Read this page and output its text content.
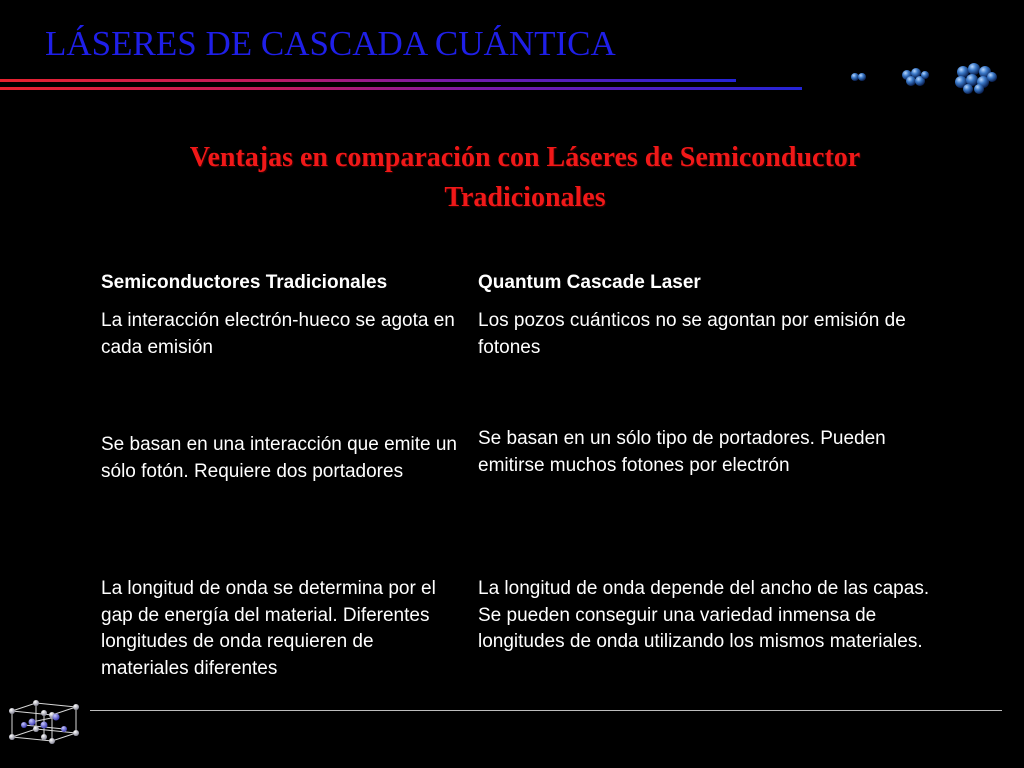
LÁSERES DE CASCADA CUÁNTICA
Ventajas en comparación con Láseres de Semiconductor Tradicionales
Semiconductores Tradicionales	Quantum Cascade Laser

La interacción electrón-hueco se agota en cada emisión

Los pozos cuánticos no se agontan por emisión de fotones

Se basan en una interacción que emite un sólo fotón. Requiere dos portadores

Se basan en un sólo tipo de portadores. Pueden emitirse muchos fotones por electrón

La longitud de onda se determina por el gap de energía del material. Diferentes longitudes de onda requieren de materiales diferentes

La longitud de onda depende del ancho de las capas. Se pueden conseguir una variedad inmensa de longitudes de onda utilizando los mismos materiales.
